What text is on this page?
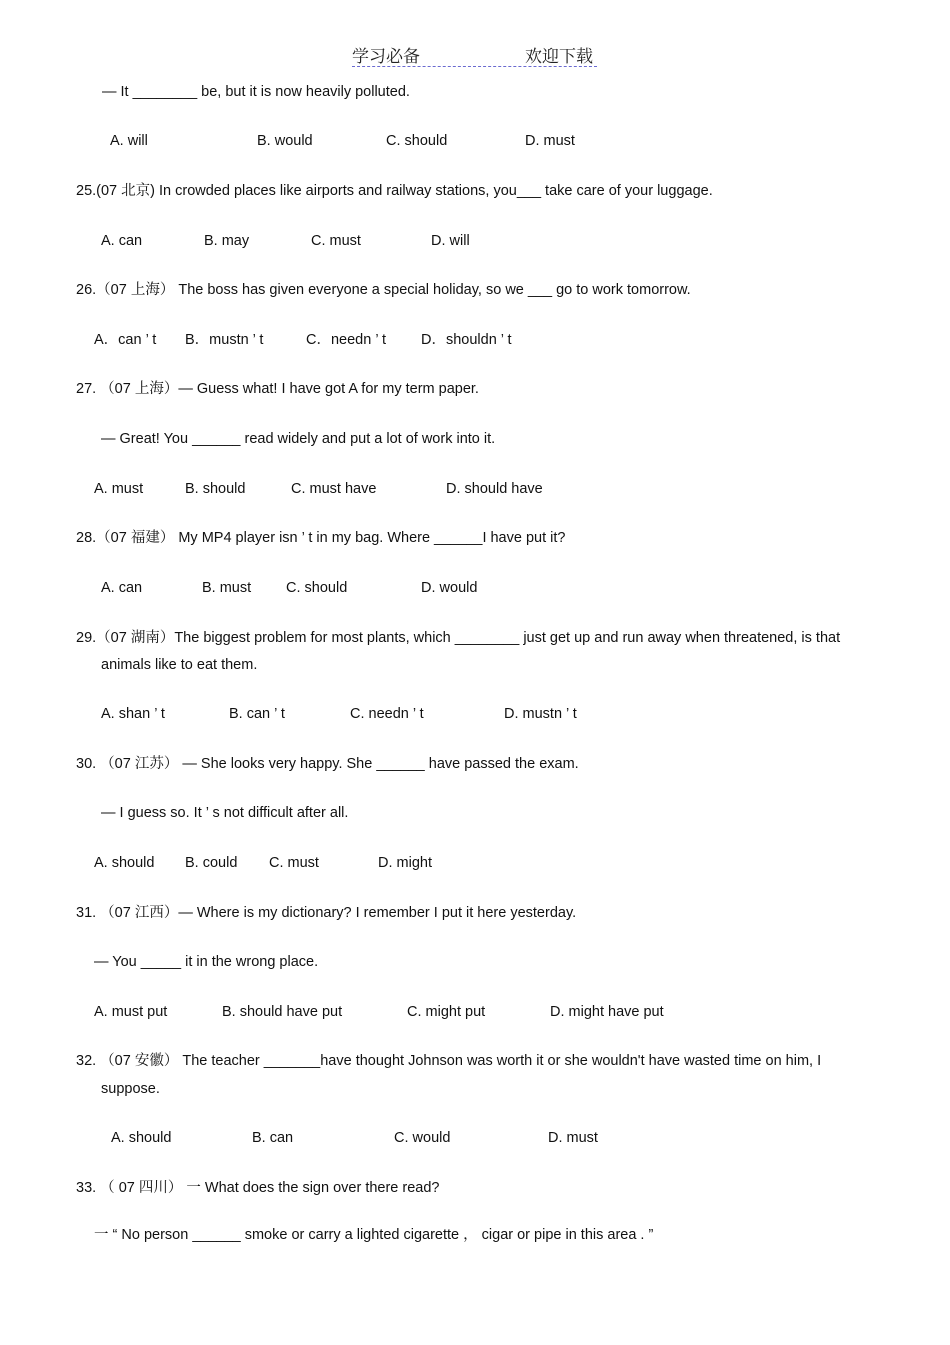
学习必备	欢迎下载
— It ________ be, but it is now heavily polluted.
A. will	B. would	C. should	D. must
25.(07 北京) In crowded places like airports and railway stations, you___ take care of your luggage.
A. can	B. may	C. must	D. will
26.（07 上海） The boss has given everyone a special holiday, so we ___ go to work tomorrow.
A．can ’ t B．mustn ’ t	C．needn ’ t D．shouldn ’ t
27. （07 上海）— Guess what! I have got A for my term paper.
— Great! You ______ read widely and put a lot of work into it.
A. must	B. should	C. must have	D. should have
28.（07 福建） My MP4 player isn ’ t in my bag. Where ______I have put it?
A. can	B. must C. should	D. would
29.（07 湖南）The biggest problem for most plants, which ________ just get up and run away when threatened, is that
animals like to eat them.
A. shan ’ t	B. can ’ t	C. needn ’ t	D. mustn ’ t
30. （07 江苏） — She looks very happy. She ______ have passed the exam.
— I guess so. It ’ s not difficult after all.
A. should B. could C. must	D. might
31. （07 江西）— Where is my dictionary? I remember I put it here yesterday.
— You _____ it in the wrong place.
A. must put	B. should have put	C. might put	D. might have put
32. （07 安徽） The teacher _______have thought Johnson was worth it or she wouldn't have wasted time on him, I
suppose.
A. should	B. can	C. would	D. must
33. （ 07 四川） 一 What does the sign over there read?
一 “ No person ______ smoke or carry a lighted cigarette ， cigar or pipe in this area . ”
